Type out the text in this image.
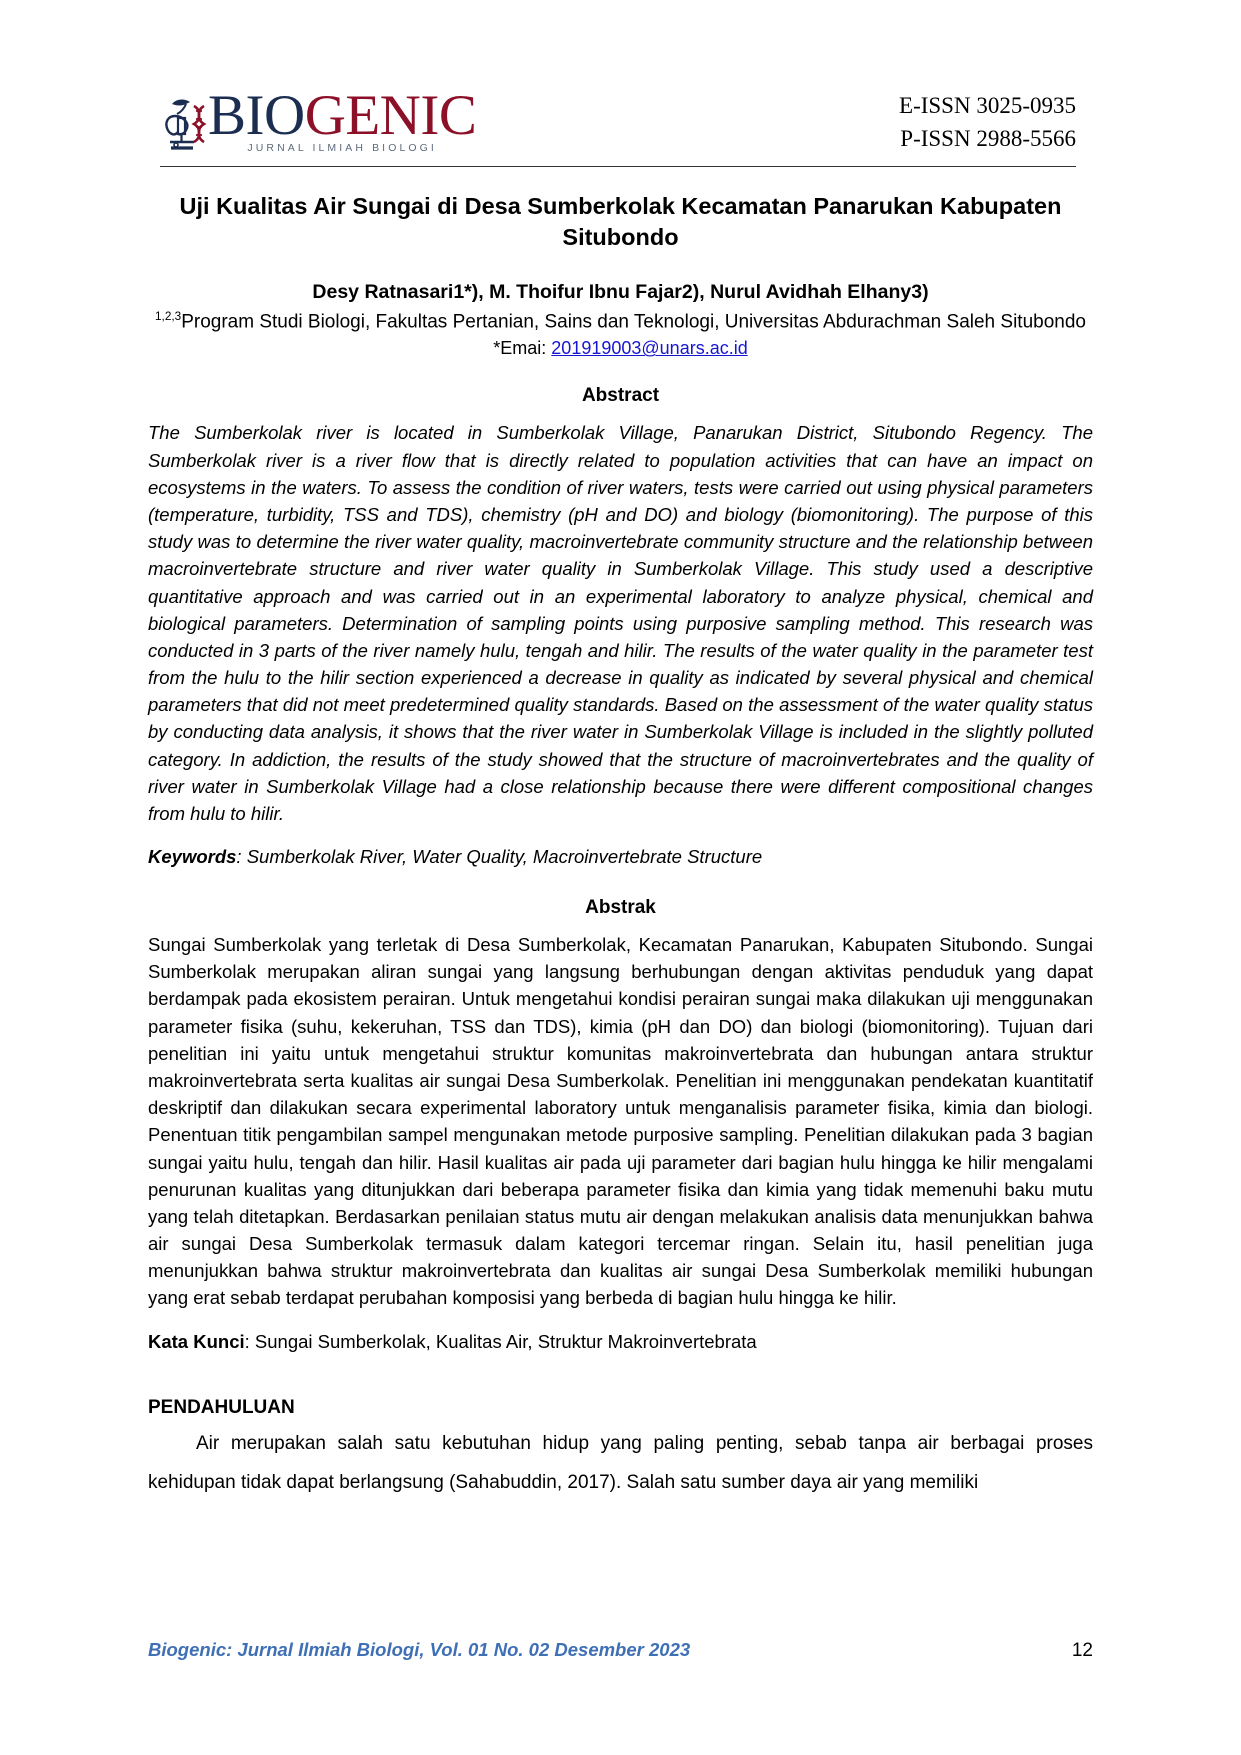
BIOGENIC
JURNAL ILMIAH BIOLOGI
E-ISSN 3025-0935
P-ISSN 2988-5566
Uji Kualitas Air Sungai di Desa Sumberkolak Kecamatan Panarukan Kabupaten Situbondo
Desy Ratnasari1*), M. Thoifur Ibnu Fajar2), Nurul Avidhah Elhany3)
$^{1,2,3}$Program Studi Biologi, Fakultas Pertanian, Sains dan Teknologi, Universitas Abdurachman Saleh Situbondo
*Emai: 201919003@unars.ac.id
Abstract
The Sumberkolak river is located in Sumberkolak Village, Panarukan District, Situbondo Regency. The Sumberkolak river is a river flow that is directly related to population activities that can have an impact on ecosystems in the waters. To assess the condition of river waters, tests were carried out using physical parameters (temperature, turbidity, TSS and TDS), chemistry (pH and DO) and biology (biomonitoring). The purpose of this study was to determine the river water quality, macroinvertebrate community structure and the relationship between macroinvertebrate structure and river water quality in Sumberkolak Village. This study used a descriptive quantitative approach and was carried out in an experimental laboratory to analyze physical, chemical and biological parameters. Determination of sampling points using purposive sampling method. This research was conducted in 3 parts of the river namely hulu, tengah and hilir. The results of the water quality in the parameter test from the hulu to the hilir section experienced a decrease in quality as indicated by several physical and chemical parameters that did not meet predetermined quality standards. Based on the assessment of the water quality status by conducting data analysis, it shows that the river water in Sumberkolak Village is included in the slightly polluted category. In addiction, the results of the study showed that the structure of macroinvertebrates and the quality of river water in Sumberkolak Village had a close relationship because there were different compositional changes from hulu to hilir.
Keywords: Sumberkolak River, Water Quality, Macroinvertebrate Structure
Abstrak
Sungai Sumberkolak yang terletak di Desa Sumberkolak, Kecamatan Panarukan, Kabupaten Situbondo. Sungai Sumberkolak merupakan aliran sungai yang langsung berhubungan dengan aktivitas penduduk yang dapat berdampak pada ekosistem perairan. Untuk mengetahui kondisi perairan sungai maka dilakukan uji menggunakan parameter fisika (suhu, kekeruhan, TSS dan TDS), kimia (pH dan DO) dan biologi (biomonitoring). Tujuan dari penelitian ini yaitu untuk mengetahui struktur komunitas makroinvertebrata dan hubungan antara struktur makroinvertebrata serta kualitas air sungai Desa Sumberkolak. Penelitian ini menggunakan pendekatan kuantitatif deskriptif dan dilakukan secara experimental laboratory untuk menganalisis parameter fisika, kimia dan biologi. Penentuan titik pengambilan sampel mengunakan metode purposive sampling. Penelitian dilakukan pada 3 bagian sungai yaitu hulu, tengah dan hilir. Hasil kualitas air pada uji parameter dari bagian hulu hingga ke hilir mengalami penurunan kualitas yang ditunjukkan dari beberapa parameter fisika dan kimia yang tidak memenuhi baku mutu yang telah ditetapkan. Berdasarkan penilaian status mutu air dengan melakukan analisis data menunjukkan bahwa air sungai Desa Sumberkolak termasuk dalam kategori tercemar ringan. Selain itu, hasil penelitian juga menunjukkan bahwa struktur makroinvertebrata dan kualitas air sungai Desa Sumberkolak memiliki hubungan yang erat sebab terdapat perubahan komposisi yang berbeda di bagian hulu hingga ke hilir.
Kata Kunci: Sungai Sumberkolak, Kualitas Air, Struktur Makroinvertebrata
PENDAHULUAN
Air merupakan salah satu kebutuhan hidup yang paling penting, sebab tanpa air berbagai proses kehidupan tidak dapat berlangsung (Sahabuddin, 2017). Salah satu sumber daya air yang memiliki
Biogenic: Jurnal Ilmiah Biologi, Vol. 01 No. 02 Desember 2023	12
